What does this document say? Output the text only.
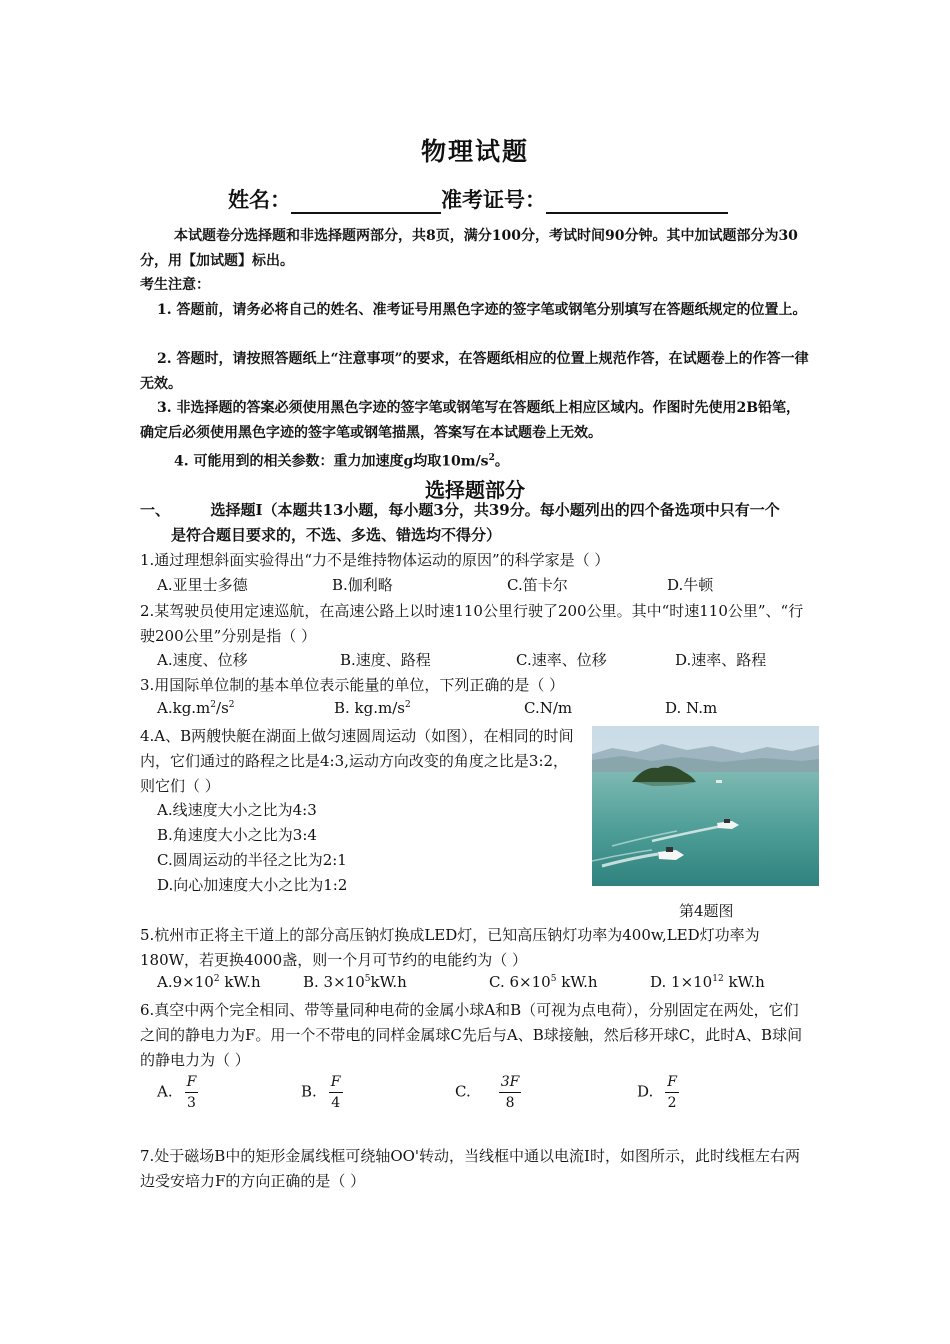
物理试题
姓名：	准考证号：
本试题卷分选择题和非选择题两部分，共8页，满分100分，考试时间90分钟。其中加试题部分为30分，用【加试题】标出。
考生注意：
1. 答题前，请务必将自己的姓名、准考证号用黑色字迹的签字笔或钢笔分别填写在答题纸规定的位置上。
2. 答题时，请按照答题纸上“注意事项”的要求，在答题纸相应的位置上规范作答，在试题卷上的作答一律无效。
3. 非选择题的答案必须使用黑色字迹的签字笔或钢笔写在答题纸上相应区域内。作图时先使用2B铅笔，确定后必须使用黑色字迹的签字笔或钢笔描黑，答案写在本试题卷上无效。
4. 可能用到的相关参数：重力加速度g均取$10m/s^2$。
选择题部分
一、	选择题I（本题共13小题，每小题3分，共39分。每小题列出的四个备选项中只有一个
是符合题目要求的，不选、多选、错选均不得分）
1.通过理想斜面实验得出“力不是维持物体运动的原因”的科学家是（ ）
A.亚里士多德	B.伽利略	C.笛卡尔	D.牛顿
2.某驾驶员使用定速巡航，在高速公路上以时速110公里行驶了200公里。其中“时速110公里”、“行驶200公里”分别是指（ ）
A.速度、位移	B.速度、路程	C.速率、位移	D.速率、路程
3.用国际单位制的基本单位表示能量的单位，下列正确的是（ ）
$A.kg.m^2/s^2$	B. $kg.m/s^2$	C.N/m	D. N.m
4.A、B两艘快艇在湖面上做匀速圆周运动（如图），在相同的时间内，它们通过的路程之比是4:3,运动方向改变的角度之比是3:2，则它们（ ）
A.线速度大小之比为4:3
B.角速度大小之比为3:4
C.圆周运动的半径之比为2:1
D.向心加速度大小之比为1:2
第4题图
5.杭州市正将主干道上的部分高压钠灯换成LED灯，已知高压钠灯功率为400w,LED灯功率为180W，若更换4000盏，则一个月可节约的电能约为（ ）
$A.9\times 10^2$ kW.h	B. $3\times 10^5kW.h$	C. $6\times 10^5$ kW.h	D. $1\times 10^{12}$ kW.h
6.真空中两个完全相同、带等量同种电荷的金属小球A和B（可视为点电荷），分别固定在两处，它们之间的静电力为F。用一个不带电的同样金属球C先后与A、B球接触，然后移开球C，此时A、B球间的静电力为（ ）
A. $\frac{F}{3}$	B. $\frac{F}{4}$	C. $\frac{3F}{8}$	D. $\frac{F}{2}$
7.处于磁场B中的矩形金属线框可绕轴OO'转动，当线框中通以电流I时，如图所示，此时线框左右两边受安培力F的方向正确的是（ ）
